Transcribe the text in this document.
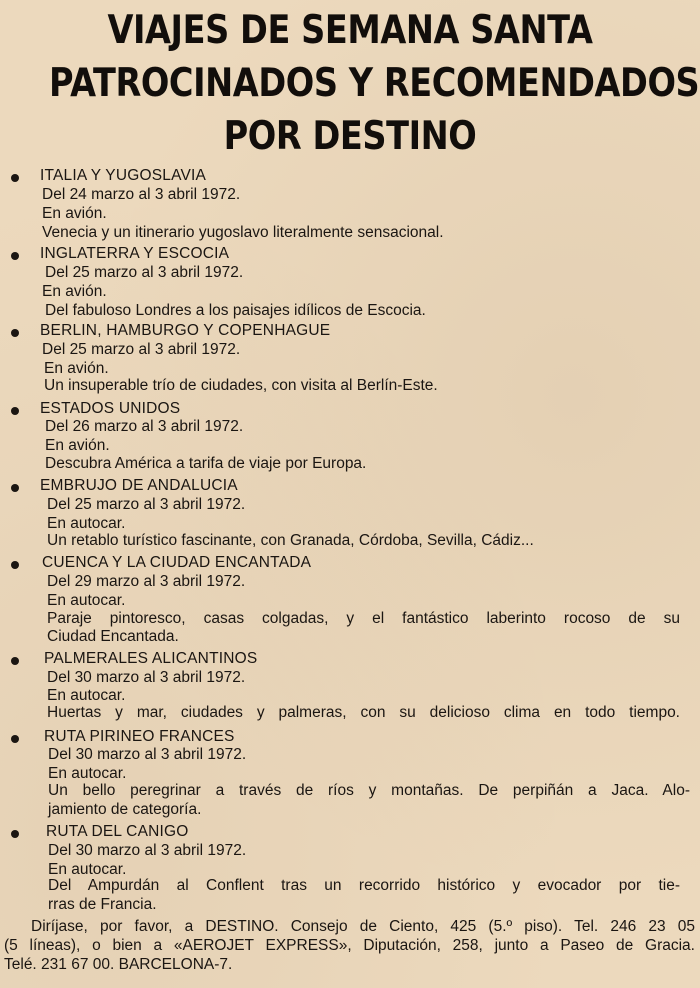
VIAJES DE SEMANA SANTA
PATROCINADOS Y RECOMENDADOS
POR DESTINO
ITALIA Y YUGOSLAVIA
Del 24 marzo al 3 abril 1972.
En avión.
Venecia y un itinerario yugoslavo literalmente sensacional.
INGLATERRA Y ESCOCIA
Del 25 marzo al 3 abril 1972.
En avión.
Del fabuloso Londres a los paisajes idílicos de Escocia.
BERLIN, HAMBURGO Y COPENHAGUE
Del 25 marzo al 3 abril 1972.
En avión.
Un insuperable trío de ciudades, con visita al Berlín-Este.
ESTADOS UNIDOS
Del 26 marzo al 3 abril 1972.
En avión.
Descubra América a tarifa de viaje por Europa.
EMBRUJO DE ANDALUCIA
Del 25 marzo al 3 abril 1972.
En autocar.
Un retablo turístico fascinante, con Granada, Córdoba, Sevilla, Cádiz...
CUENCA Y LA CIUDAD ENCANTADA
Del 29 marzo al 3 abril 1972.
En autocar.
Paraje pintoresco, casas colgadas, y el fantástico laberinto rocoso de su
Ciudad Encantada.
PALMERALES ALICANTINOS
Del 30 marzo al 3 abril 1972.
En autocar.
Huertas y mar, ciudades y palmeras, con su delicioso clima en todo tiempo.
RUTA PIRINEO FRANCES
Del 30 marzo al 3 abril 1972.
En autocar.
Un bello peregrinar a través de ríos y montañas. De perpiñán a Jaca. Alo-
jamiento de categoría.
RUTA DEL CANIGO
Del 30 marzo al 3 abril 1972.
En autocar.
Del Ampurdán al Conflent tras un recorrido histórico y evocador por tie-
rras de Francia.
Diríjase, por favor, a DESTINO. Consejo de Ciento, 425 (5.º piso). Tel. 246 23 05
(5 líneas), o bien a «AEROJET EXPRESS», Diputación, 258, junto a Paseo de Gracia.
Telé. 231 67 00. BARCELONA-7.
